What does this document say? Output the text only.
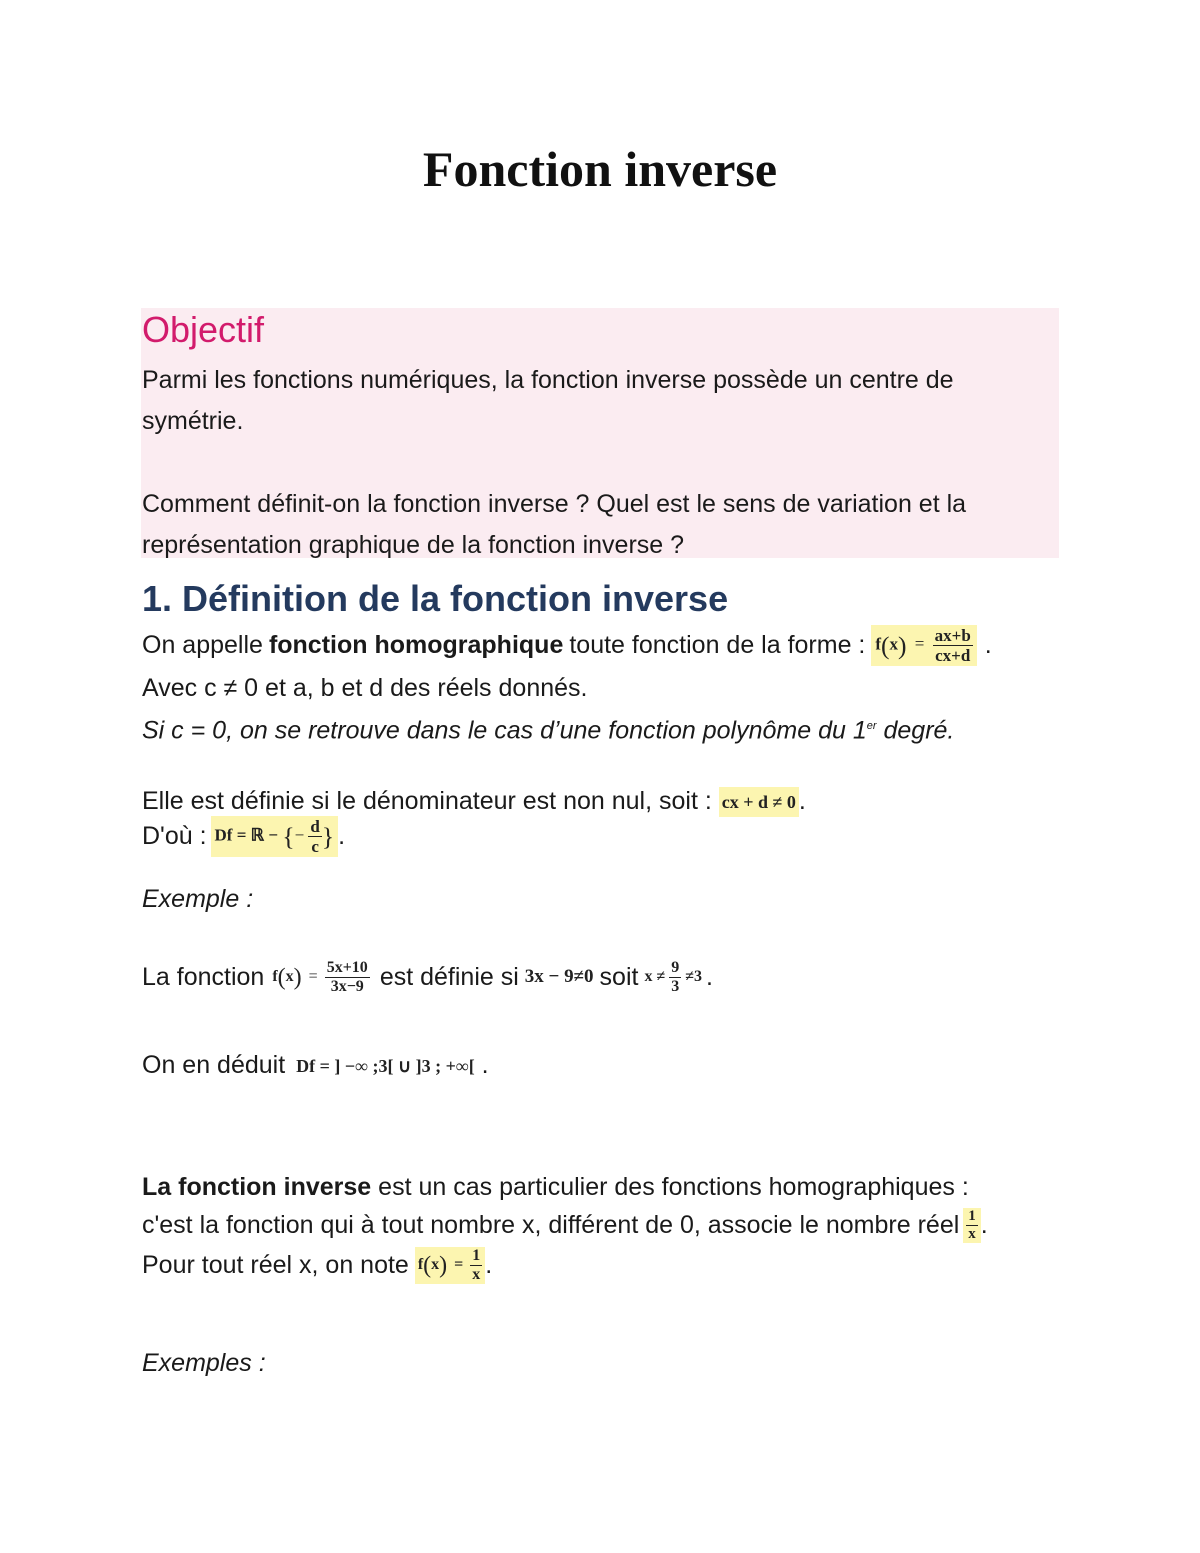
Fonction inverse
Objectif
Parmi les fonctions numériques, la fonction inverse possède un centre de
symétrie.
Comment définit-on la fonction inverse ? Quel est le sens de variation et la
représentation graphique de la fonction inverse ?
1. Définition de la fonction inverse
On appelle fonction homographique toute fonction de la forme : $f(x) = \frac{ax+b}{cx+d}$ .
Avec c ≠ 0 et a, b et d des réels donnés.
Si c = 0, on se retrouve dans le cas d’une fonction polynôme du 1er degré.
Elle est définie si le dénominateur est non nul, soit : cx + d ≠ 0 .
D'où : Df = ℝ − {− $\frac{d}{c}$ } .
Exemple :
La fonction $f(x) = \frac{5x+10}{3x-9}$ est définie si 3x − 9≠0 soit $x \ne \frac{9}{3} \ne 3$ .
On en déduit Df = ] −∞ ;3[ ∪ ]3 ; +∞[ .
La fonction inverse est un cas particulier des fonctions homographiques :
c'est la fonction qui à tout nombre x, différent de 0, associe le nombre réel $\frac{1}{x}$ .
Pour tout réel x, on note $f(x) = \frac{1}{x}$ .
Exemples :
